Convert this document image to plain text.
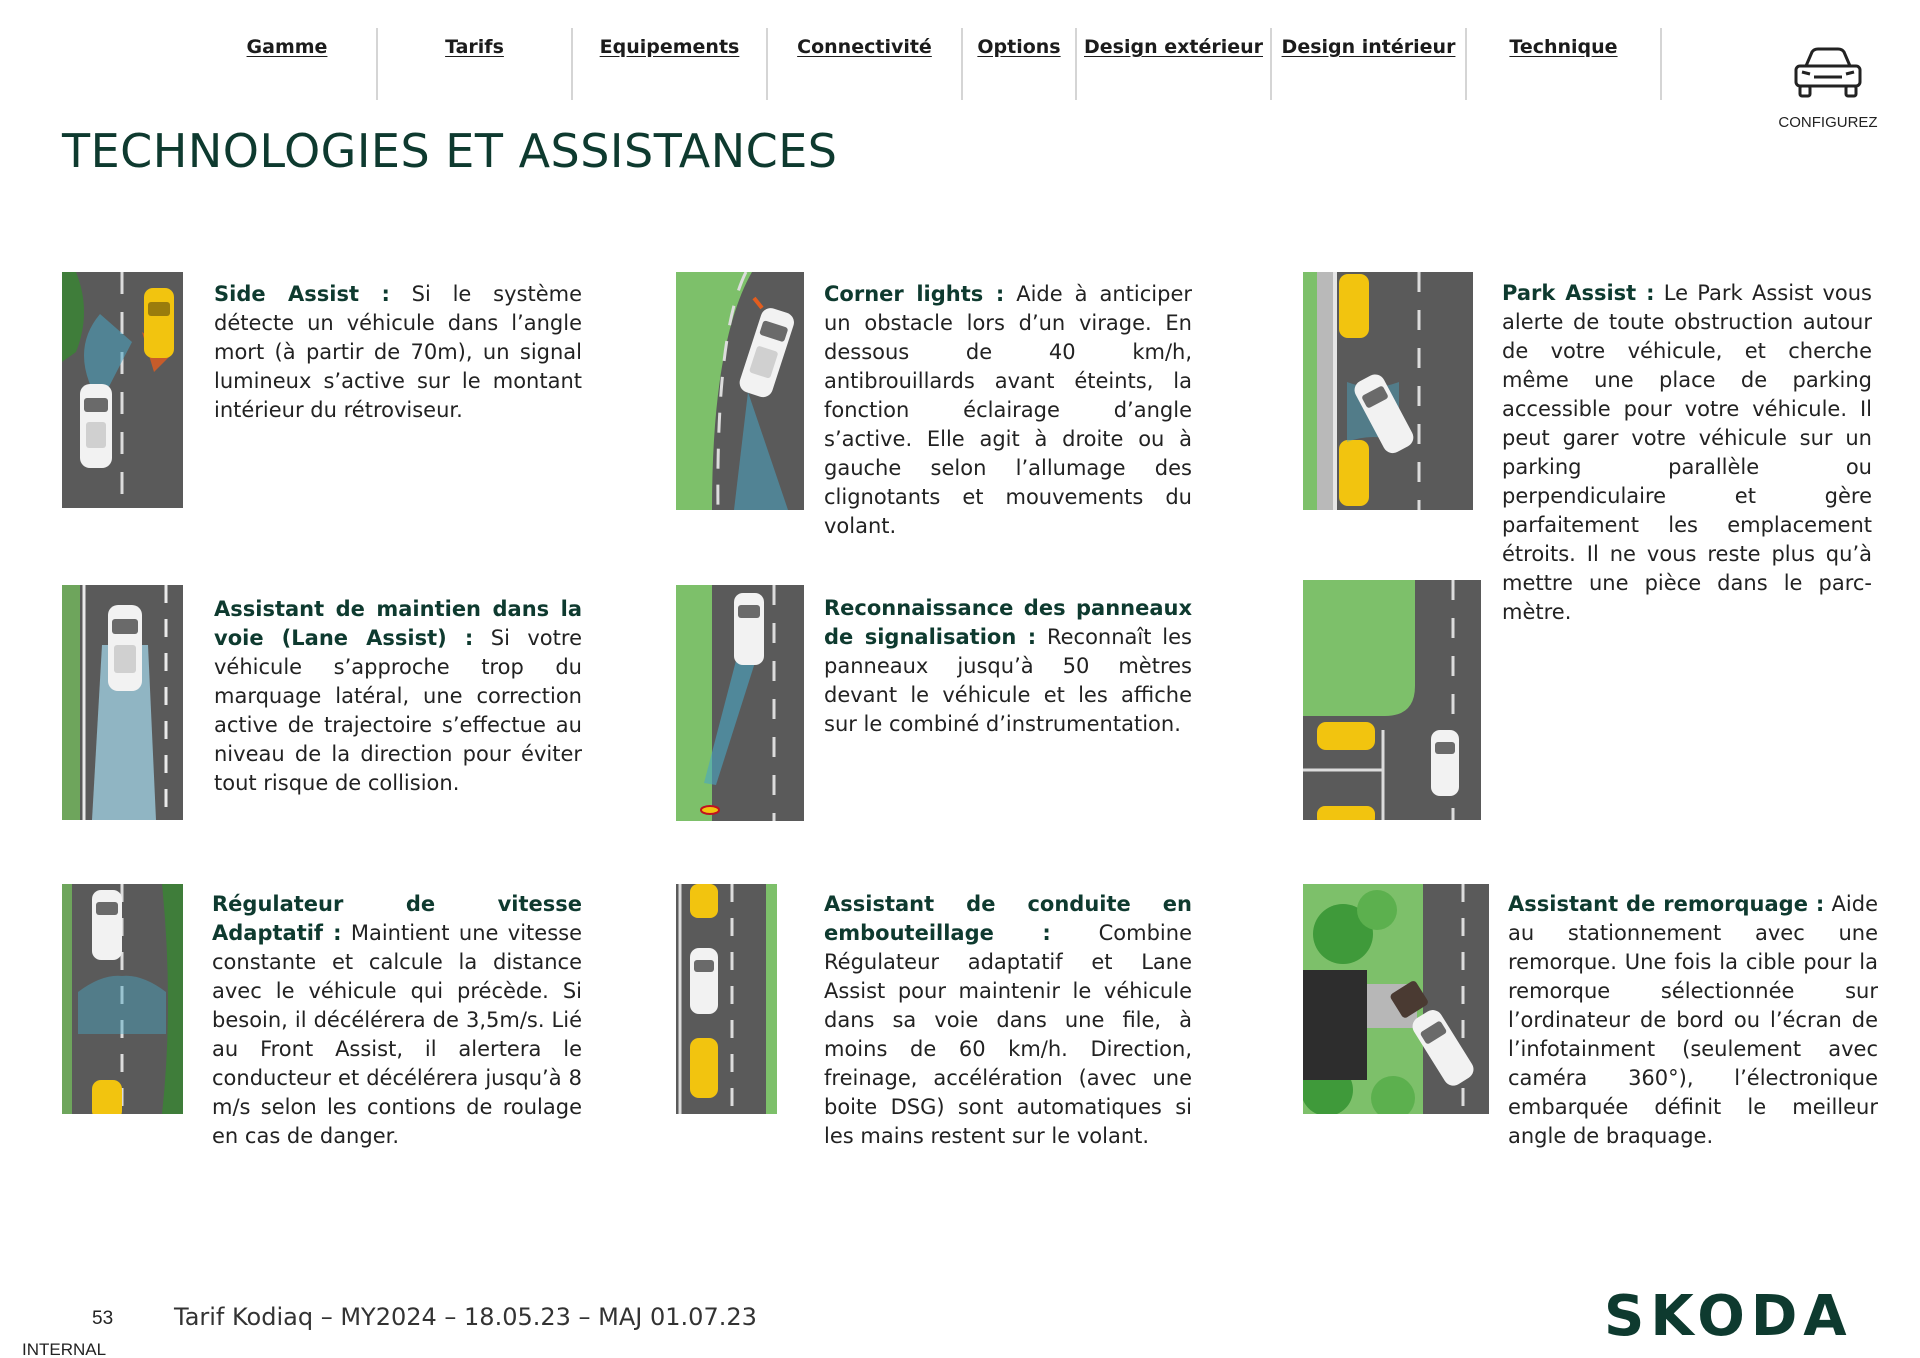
Gamme	Tarifs	Equipements	Connectivité Options Design extérieur Design intérieur	Technique
CONFIGUREZ
TECHNOLOGIES ET ASSISTANCES

Side Assist : Si le système détecte un véhicule dans l’angle mort (à partir de 70m), un signal lumineux s’active sur le montant intérieur du rétroviseur.

Corner lights : Aide à anticiper un obstacle lors d’un virage. En dessous de 40 km/h, antibrouillards avant éteints, la fonction éclairage d’angle s’active. Elle agit à droite ou à gauche selon l’allumage des clignotants et mouvements du volant.

Park Assist : Le Park Assist vous alerte de toute obstruction autour de votre véhicule, et cherche même une place de parking accessible pour votre véhicule. Il peut garer votre véhicule sur un parking parallèle ou perpendiculaire et gère parfaitement les emplacement étroits. Il ne vous reste plus qu’à mettre une pièce dans le parc-mètre.

Assistant de maintien dans la voie (Lane Assist) : Si votre véhicule s’approche trop du marquage latéral, une correction active de trajectoire s’effectue au niveau de la direction pour éviter tout risque de collision.

Reconnaissance des panneaux de signalisation : Reconnaît les panneaux jusqu’à 50 mètres devant le véhicule et les affiche sur le combiné d’instrumentation.

Régulateur de vitesse Adaptatif : Maintient une vitesse constante et calcule la distance avec le véhicule qui précède. Si besoin, il décélérera de 3,5m/s. Lié au Front Assist, il alertera le conducteur et décélérera jusqu’à 8 m/s selon les contions de roulage en cas de danger.

Assistant de conduite en embouteillage : Combine Régulateur adaptatif et Lane Assist pour maintenir le véhicule dans sa voie dans une file, à moins de 60 km/h. Direction, freinage, accélération (avec une boite DSG) sont automatiques si les mains restent sur le volant.

Assistant de remorquage : Aide au stationnement avec une remorque. Une fois la cible pour la remorque sélectionnée sur l’ordinateur de bord ou l’écran de l’infotainment (seulement avec caméra 360°), l’électronique embarquée définit le meilleur angle de braquage.

53	Tarif Kodiaq – MY2024 – 18.05.23 – MAJ 01.07.23
INTERNAL
SKODA
